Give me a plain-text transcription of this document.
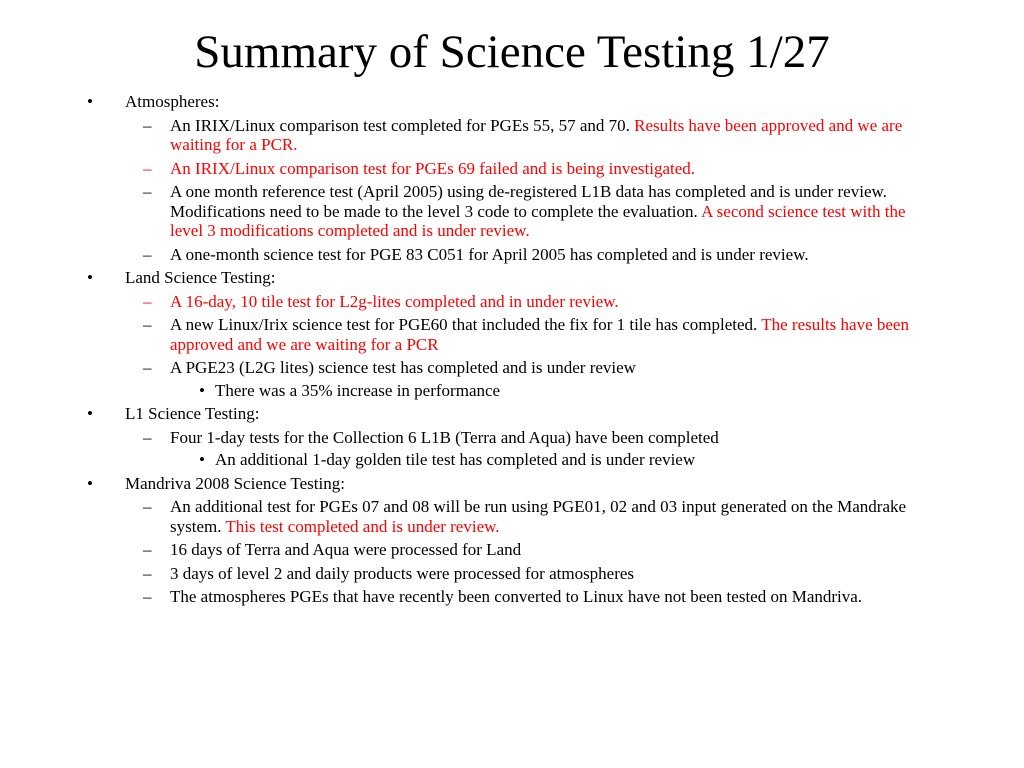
Summary of Science Testing 1/27
• Atmospheres:
– An IRIX/Linux comparison test completed for PGEs 55, 57 and 70. Results have been approved and we are waiting for a PCR.
– An IRIX/Linux comparison test for PGEs 69 failed and is being investigated.
– A one month reference test (April 2005) using de-registered L1B data has completed and is under review. Modifications need to be made to the level 3 code to complete the evaluation. A second science test with the level 3 modifications completed and is under review.
– A one-month science test for PGE 83 C051 for April 2005 has completed and is under review.
• Land Science Testing:
– A 16-day, 10 tile test for L2g-lites completed and in under review.
– A new Linux/Irix science test for PGE60 that included the fix for 1 tile has completed. The results have been approved and we are waiting for a PCR
– A PGE23 (L2G lites) science test has completed and is under review
• There was a 35% increase in performance
• L1 Science Testing:
– Four 1-day tests for the Collection 6 L1B (Terra and Aqua) have been completed
• An additional 1-day golden tile test has completed and is under review
• Mandriva 2008 Science Testing:
– An additional test for PGEs 07 and 08 will be run using PGE01, 02 and 03 input generated on the Mandrake system. This test completed and is under review.
– 16 days of Terra and Aqua were processed for Land
– 3 days of level 2 and daily products were processed for atmospheres
– The atmospheres PGEs that have recently been converted to Linux have not been tested on Mandriva.
